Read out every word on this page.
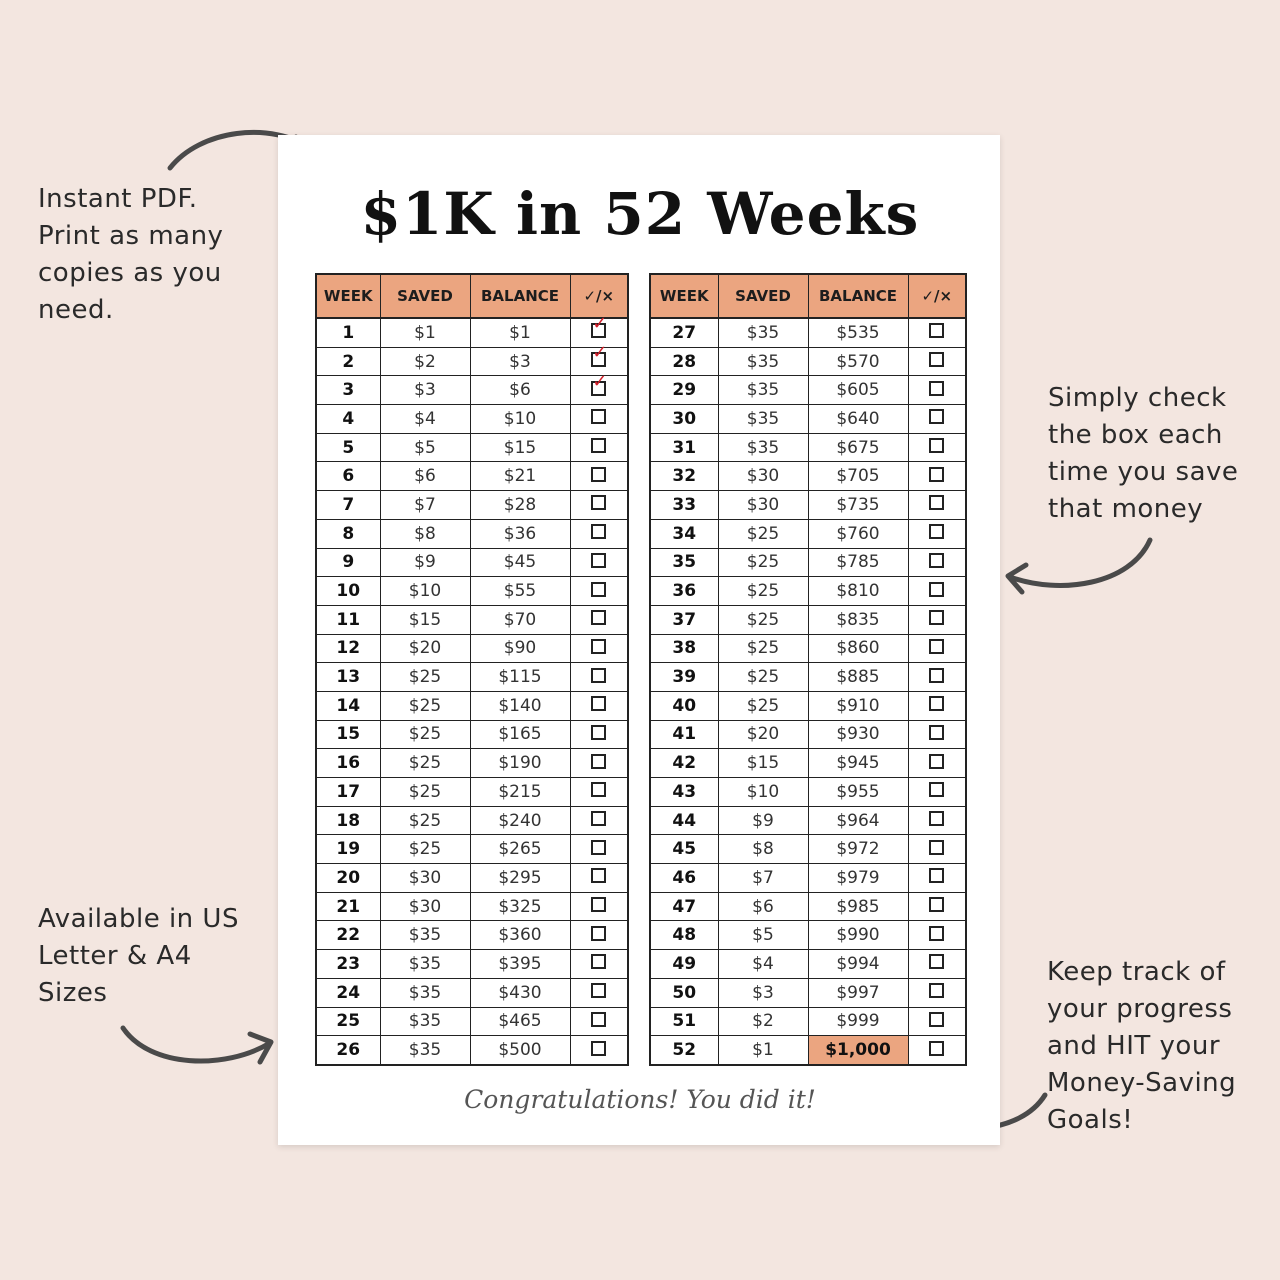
Instant PDF.
Print as many
copies as you
need.
Simply check
the box each
time you save
that money
Available in US
Letter & A4
Sizes
Keep track of
your progress
and HIT your
Money-Saving
Goals!
$1K in 52 Weeks
WEEK	SAVED	BALANCE	✓/×
1	$1	$1	✓
2	$2	$3	✓
3	$3	$6	✓
4	$4	$10	
5	$5	$15	
6	$6	$21	
7	$7	$28	
8	$8	$36	
9	$9	$45	
10	$10	$55	
11	$15	$70	
12	$20	$90	
13	$25	$115	
14	$25	$140	
15	$25	$165	
16	$25	$190	
17	$25	$215	
18	$25	$240	
19	$25	$265	
20	$30	$295	
21	$30	$325	
22	$35	$360	
23	$35	$395	
24	$35	$430	
25	$35	$465	
26	$35	$500	
WEEK	SAVED	BALANCE	✓/×
27	$35	$535	
28	$35	$570	
29	$35	$605	
30	$35	$640	
31	$35	$675	
32	$30	$705	
33	$30	$735	
34	$25	$760	
35	$25	$785	
36	$25	$810	
37	$25	$835	
38	$25	$860	
39	$25	$885	
40	$25	$910	
41	$20	$930	
42	$15	$945	
43	$10	$955	
44	$9	$964	
45	$8	$972	
46	$7	$979	
47	$6	$985	
48	$5	$990	
49	$4	$994	
50	$3	$997	
51	$2	$999	
52	$1	$1,000	
Congratulations! You did it!
